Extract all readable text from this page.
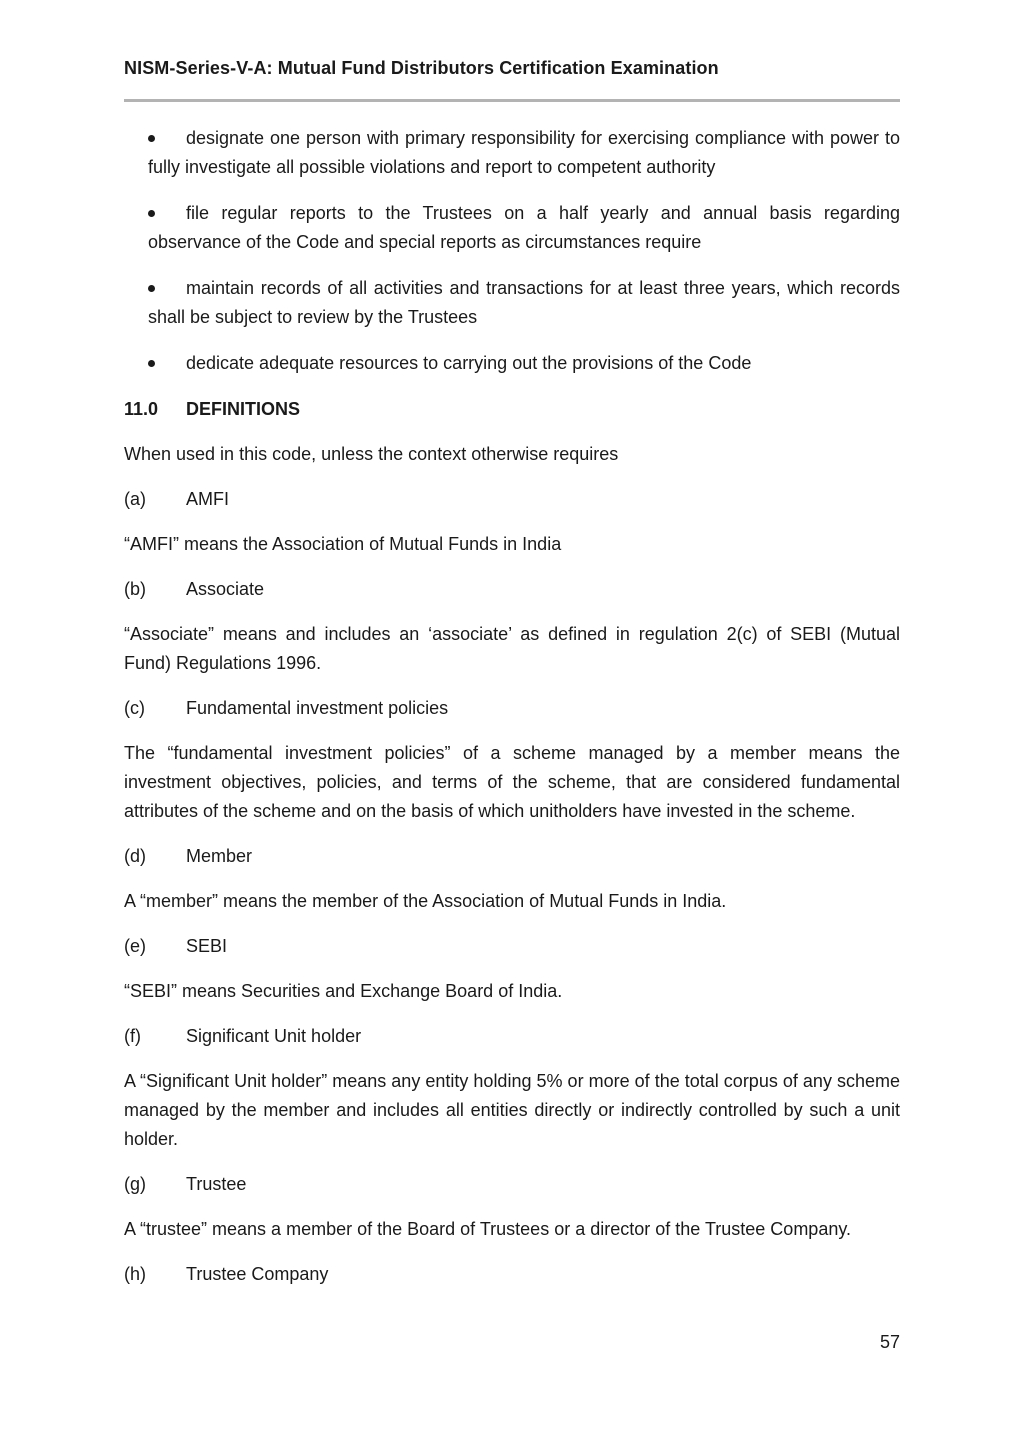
NISM-Series-V-A: Mutual Fund Distributors Certification Examination
designate one person with primary responsibility for exercising compliance with power to fully investigate all possible violations and report to competent authority
file regular reports to the Trustees on a half yearly and annual basis regarding observance of the Code and special reports as circumstances require
maintain records of all activities and transactions for at least three years, which records shall be subject to review by the Trustees
dedicate adequate resources to carrying out the provisions of the Code
11.0	DEFINITIONS
When used in this code, unless the context otherwise requires
(a)	AMFI
“AMFI” means the Association of Mutual Funds in India
(b)	Associate
“Associate” means and includes an ‘associate’ as defined in regulation 2(c) of SEBI (Mutual Fund) Regulations 1996.
(c)	Fundamental investment policies
The “fundamental investment policies” of a scheme managed by a member means the investment objectives, policies, and terms of the scheme, that are considered fundamental attributes of the scheme and on the basis of which unitholders have invested in the scheme.
(d)	Member
A “member” means the member of the Association of Mutual Funds in India.
(e)	SEBI
“SEBI” means Securities and Exchange Board of India.
(f)	Significant Unit holder
A “Significant Unit holder” means any entity holding 5% or more of the total corpus of any scheme managed by the member and includes all entities directly or indirectly controlled by such a unit holder.
(g)	Trustee
A “trustee” means a member of the Board of Trustees or a director of the Trustee Company.
(h)	Trustee Company
57
